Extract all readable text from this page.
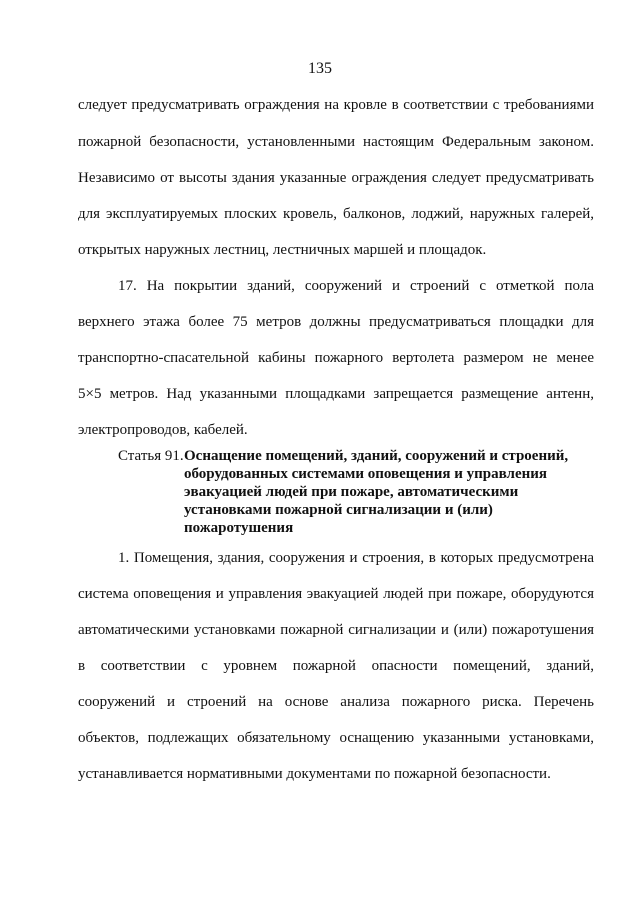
135
следует предусматривать ограждения на кровле в соответствии с требованиями
пожарной безопасности, установленными настоящим Федеральным законом.
Независимо от высоты здания указанные ограждения следует предусматривать
для эксплуатируемых плоских кровель, балконов, лоджий, наружных галерей,
открытых наружных лестниц, лестничных маршей и площадок.
17. На покрытии зданий, сооружений и строений с отметкой пола
верхнего этажа более 75 метров должны предусматриваться площадки для
транспортно-спасательной кабины пожарного вертолета размером не менее
5×5 метров. Над указанными площадками запрещается размещение антенн,
электропроводов, кабелей.
Статья 91. Оснащение помещений, зданий, сооружений и строений,
оборудованных системами оповещения и управления
эвакуацией людей при пожаре, автоматическими
установками пожарной сигнализации и (или)
пожаротушения
1. Помещения, здания, сооружения и строения, в которых предусмотрена
система оповещения и управления эвакуацией людей при пожаре, оборудуются
автоматическими установками пожарной сигнализации и (или) пожаротушения
в соответствии с уровнем пожарной опасности помещений, зданий,
сооружений и строений на основе анализа пожарного риска. Перечень
объектов, подлежащих обязательному оснащению указанными установками,
устанавливается нормативными документами по пожарной безопасности.
